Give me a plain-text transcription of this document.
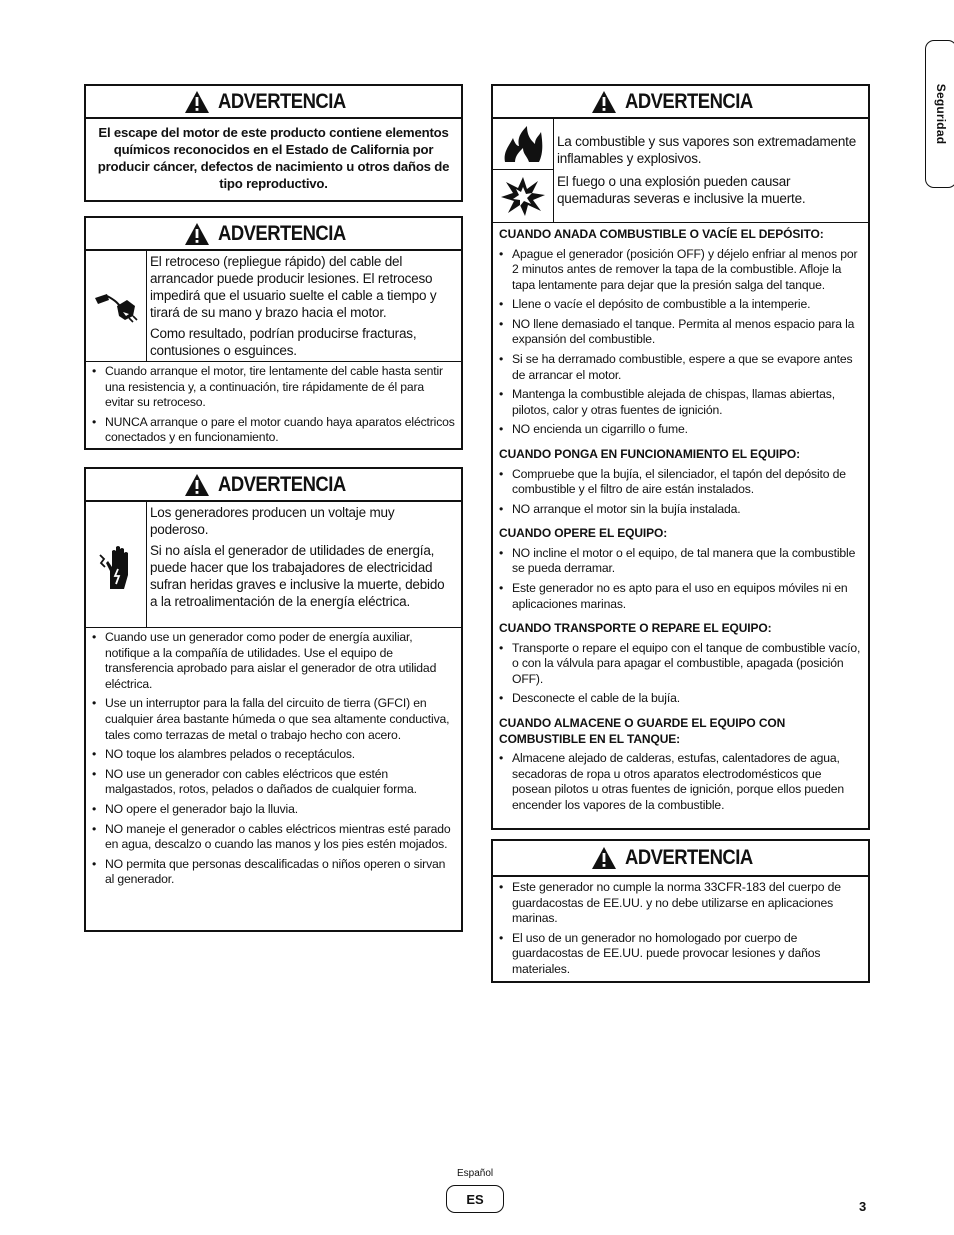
Seguridad
ADVERTENCIA
El escape del motor de este producto contiene elementos químicos reconocidos en el Estado de California por producir cáncer, defectos de nacimiento u otros daños de tipo reproductivo.
ADVERTENCIA

El retroceso (repliegue rápido) del cable del arrancador puede producir lesiones. El retroceso impedirá que el usuario suelte el cable a tiempo y tirará de su mano y brazo hacia el motor.

Como resultado, podrían producirse fracturas, contusiones o esguinces.

• Cuando arranque el motor, tire lentamente del cable hasta sentir una resistencia y, a continuación, tire rápidamente de él para evitar su retroceso.
• NUNCA arranque o pare el motor cuando haya aparatos eléctricos conectados y en funcionamiento.
ADVERTENCIA

Los generadores producen un voltaje muy poderoso.

Si no aísla el generador de utilidades de energía, puede hacer que los trabajadores de electricidad sufran heridas graves e inclusive la muerte, debido a la retroalimentación de la energía eléctrica.

• Cuando use un generador como poder de energía auxiliar, notifique a la compañía de utilidades. Use el equipo de transferencia aprobado para aislar el generador de otra utilidad eléctrica.
• Use un interruptor para la falla del circuito de tierra (GFCI) en cualquier área bastante húmeda o que sea altamente conductiva, tales como terrazas de metal o trabajo hecho con acero.
• NO toque los alambres pelados o receptáculos.
• NO use un generador con cables eléctricos que estén malgastados, rotos, pelados o dañados de cualquier forma.
• NO opere el generador bajo la lluvia.
• NO maneje el generador o cables eléctricos mientras esté parado en agua, descalzo o cuando las manos y los pies estén mojados.
• NO permita que personas descalificadas o niños operen o sirvan al generador.
ADVERTENCIA

La combustible y sus vapores son extremadamente inflamables y explosivos.

El fuego o una explosión pueden causar quemaduras severas e inclusive la muerte.

CUANDO ANADA COMBUSTIBLE O VACÍE EL DEPÓSITO:
• Apague el generador (posición OFF) y déjelo enfriar al menos por 2 minutos antes de remover la tapa de la combustible. Afloje la tapa lentamente para dejar que la presión salga del tanque.
• Llene o vacíe el depósito de combustible a la intemperie.
• NO llene demasiado el tanque. Permita al menos espacio para la expansión del combustible.
• Si se ha derramado combustible, espere a que se evapore antes de arrancar el motor.
• Mantenga la combustible alejada de chispas, llamas abiertas, pilotos, calor y otras fuentes de ignición.
• NO encienda un cigarrillo o fume.
CUANDO PONGA EN FUNCIONAMIENTO EL EQUIPO:
• Compruebe que la bujía, el silenciador, el tapón del depósito de combustible y el filtro de aire están instalados.
• NO arranque el motor sin la bujía instalada.
CUANDO OPERE EL EQUIPO:
• NO incline el motor o el equipo, de tal manera que la combustible se pueda derramar.
• Este generador no es apto para el uso en equipos móviles ni en aplicaciones marinas.
CUANDO TRANSPORTE O REPARE EL EQUIPO:
• Transporte o repare el equipo con el tanque de combustible vacío, o con la válvula para apagar el combustible, apagada (posición OFF).
• Desconecte el cable de la bujía.
CUANDO ALMACENE O GUARDE EL EQUIPO CON COMBUSTIBLE EN EL TANQUE:
• Almacene alejado de calderas, estufas, calentadores de agua, secadoras de ropa u otros aparatos electrodomésticos que posean pilotos u otras fuentes de ignición, porque ellos pueden encender los vapores de la combustible.
ADVERTENCIA
• Este generador no cumple la norma 33CFR-183 del cuerpo de guardacostas de EE.UU. y no debe utilizarse en aplicaciones marinas.
• El uso de un generador no homologado por cuerpo de guardacostas de EE.UU. puede provocar lesiones y daños materiales.
Español
ES	3
